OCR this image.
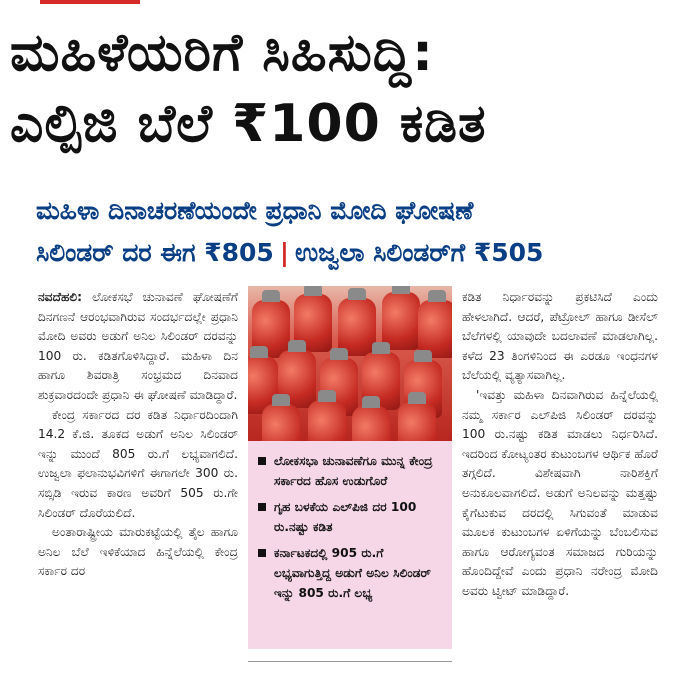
ಮಹಿಳೆಯರಿಗೆ ಸಿಹಿಸುದ್ದಿ:
ಎಲ್ಪಿಜಿ ಬೆಲೆ ₹100 ಕಡಿತ
ಮಹಿಳಾ ದಿನಾಚರಣೆಯಂದೇ ಪ್ರಧಾನಿ ಮೋದಿ ಘೋಷಣೆ
ಸಿಲಿಂಡರ್ ದರ ಈಗ ₹805 | ಉಜ್ವಲಾ ಸಿಲಿಂಡರ್‌ಗೆ ₹505

ನವದೆಹಲಿ: ಲೋಕಸಭೆ ಚುನಾವಣೆ ಘೋಷಣೆಗೆ ದಿನಗಣನೆ ಆರಂಭವಾಗಿರುವ ಸಂದರ್ಭದಲ್ಲೇ ಪ್ರಧಾನಿ ಮೋದಿ ಅವರು ಅಡುಗೆ ಅನಿಲ ಸಿಲಿಂಡರ್ ದರವನ್ನು 100 ರು. ಕಡಿತಗೊಳಿಸಿದ್ದಾರೆ. ಮಹಿಳಾ ದಿನ ಹಾಗೂ ಶಿವರಾತ್ರಿ ಸಂಭ್ರಮದ ದಿನವಾದ ಶುಕ್ರವಾರದಂದೇ ಪ್ರಧಾನಿ ಈ ಘೋಷಣೆ ಮಾಡಿದ್ದಾರೆ.

ಕೇಂದ್ರ ಸರ್ಕಾರದ ದರ ಕಡಿತ ನಿರ್ಧಾರದಿಂದಾಗಿ 14.2 ಕೆ.ಜಿ. ತೂಕದ ಅಡುಗೆ ಅನಿಲ ಸಿಲಿಂಡರ್ ಇನ್ನು ಮುಂದೆ 805 ರು.ಗೆ ಲಭ್ಯವಾಗಲಿದೆ. ಉಜ್ವಲಾ ಫಲಾನುಭವಿಗಳಿಗೆ ಈಗಾಗಲೇ 300 ರು. ಸಬ್ಸಿಡಿ ಇರುವ ಕಾರಣ ಅವರಿಗೆ 505 ರು.ಗೇ ಸಿಲಿಂಡರ್ ದೊರೆಯಲಿದೆ.

ಅಂತಾರಾಷ್ಟ್ರೀಯ ಮಾರುಕಟ್ಟೆಯಲ್ಲಿ ತೈಲ ಹಾಗೂ ಅನಿಲ ಬೆಲೆ ಇಳಿಕೆಯಾದ ಹಿನ್ನೆಲೆಯಲ್ಲಿ ಕೇಂದ್ರ ಸರ್ಕಾರ ದರ

ಲೋಕಸಭಾ ಚುನಾವಣೆಗೂ ಮುನ್ನ ಕೇಂದ್ರ ಸರ್ಕಾರದ ಹೊಸ ಉಡುಗೊರೆ
ಗೃಹ ಬಳಕೆಯ ಎಲ್‌ಪಿಜಿ ದರ 100 ರು.ನಷ್ಟು ಕಡಿತ
ಕರ್ನಾಟಕದಲ್ಲಿ 905 ರು.ಗೆ ಲಭ್ಯವಾಗುತ್ತಿದ್ದ ಅಡುಗೆ ಅನಿಲ ಸಿಲಿಂಡರ್ ಇನ್ನು 805 ರು.ಗೆ ಲಭ್ಯ

ಕಡಿತ ನಿರ್ಧಾರವನ್ನು ಪ್ರಕಟಿಸಿದೆ ಎಂದು ಹೇಳಲಾಗಿದೆ. ಆದರೆ, ಪೆಟ್ರೋಲ್ ಹಾಗೂ ಡೀಸೆಲ್ ಬೆಲೆಗಳಲ್ಲಿ ಯಾವುದೇ ಬದಲಾವಣೆ ಮಾಡಲಾಗಿಲ್ಲ. ಕಳೆದ 23 ತಿಂಗಳಿನಿಂದ ಈ ಎರಡೂ ಇಂಧನಗಳ ಬೆಲೆಯಲ್ಲಿ ವ್ಯತ್ಯಾಸವಾಗಿಲ್ಲ.

'ಇವತ್ತು ಮಹಿಳಾ ದಿನವಾಗಿರುವ ಹಿನ್ನೆಲೆಯಲ್ಲಿ ನಮ್ಮ ಸರ್ಕಾರ ಎಲ್‌ಪಿಜಿ ಸಿಲಿಂಡರ್ ದರವನ್ನು 100 ರು.ನಷ್ಟು ಕಡಿತ ಮಾಡಲು ನಿರ್ಧರಿಸಿದೆ. ಇದರಿಂದ ಕೋಟ್ಯಂತರ ಕುಟುಂಬಗಳ ಆರ್ಥಿಕ ಹೊರೆ ತಗ್ಗಲಿದೆ. ವಿಶೇಷವಾಗಿ ನಾರಿಶಕ್ತಿಗೆ ಅನುಕೂಲವಾಗಲಿದೆ. ಅಡುಗೆ ಅನಿಲವನ್ನು ಮತ್ತಷ್ಟು ಕೈಗೆಟುಕುವ ದರದಲ್ಲಿ ಸಿಗುವಂತೆ ಮಾಡುವ ಮೂಲಕ ಕುಟುಂಬಗಳ ಏಳಿಗೆಯನ್ನು ಬೆಂಬಲಿಸುವ ಹಾಗೂ ಆರೋಗ್ಯವಂತ ಸಮಾಜದ ಗುರಿಯನ್ನು ಹೊಂದಿದ್ದೇವೆ ಎಂದು ಪ್ರಧಾನಿ ನರೇಂದ್ರ ಮೋದಿ ಅವರು ಟ್ವೀಟ್ ಮಾಡಿದ್ದಾರೆ.
